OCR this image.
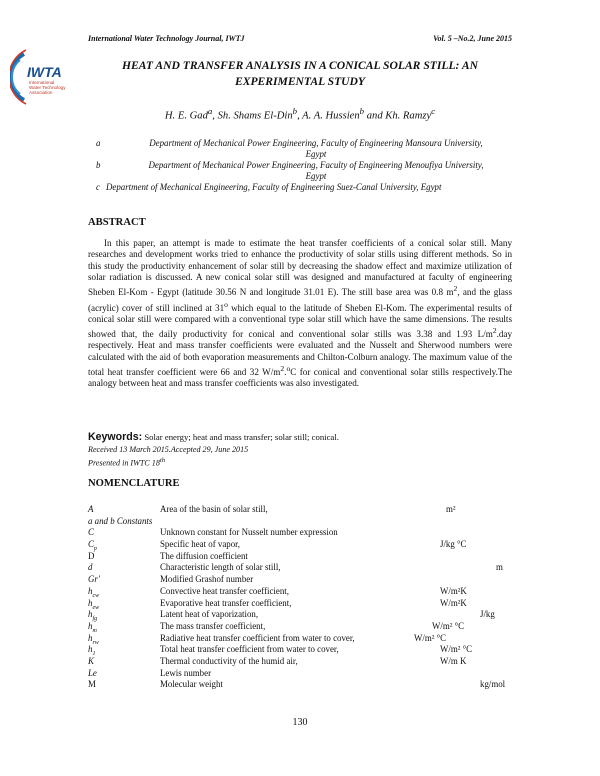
International Water Technology Journal, IWTJ	Vol. 5 –No.2, June 2015
IWTA
International
Water Technology
Association
HEAT AND TRANSFER ANALYSIS IN A CONICAL SOLAR STILL: AN
EXPERIMENTAL STUDY
H. E. Gad$^a$, Sh. Shams El-Din$^b$, A. A. Hussien$^b$ and Kh. Ramzy$^c$
a	Department of Mechanical Power Engineering, Faculty of Engineering Mansoura University,
Egypt
b	Department of Mechanical Power Engineering, Faculty of Engineering Menoufiya University,
Egypt
c Department of Mechanical Engineering, Faculty of Engineering Suez-Canal University, Egypt
ABSTRACT
In this paper, an attempt is made to estimate the heat transfer coefficients of a conical solar still. Many researches and development works tried to enhance the productivity of solar stills using different methods. So in this study the productivity enhancement of solar still by decreasing the shadow effect and maximize utilization of solar radiation is discussed. A new conical solar still was designed and manufactured at faculty of engineering Sheben El-Kom - Egypt (latitude 30.56 N and longitude 31.01 E). The still base area was 0.8 $m^2$, and the glass (acrylic) cover of still inclined at 31$^o$ which equal to the latitude of Sheben El-Kom. The experimental results of conical solar still were compared with a conventional type solar still which have the same dimensions. The results showed that, the daily productivity for conical and conventional solar stills was 3.38 and 1.93 $L/m^2.day$ respectively. Heat and mass transfer coefficients were evaluated and the Nusselt and Sherwood numbers were calculated with the aid of both evaporation measurements and Chilton-Colburn analogy. The maximum value of the total heat transfer coefficient were 66 and 32 $W/m^2.^oC$ for conical and conventional solar stills respectively.The analogy between heat and mass transfer coefficients was also investigated.
Keywords: Solar energy; heat and mass transfer; solar still; conical.
Received 13 March 2015.Accepted 29, June 2015
Presented in IWTC 18th
NOMENCLATURE
A	Area of the basin of solar still,	m²
a and b Constants
C	Unknown constant for Nusselt number expression
$C_p$	Specific heat of vapor,	J/kg °C
D	The diffusion coefficient
d	Characteristic length of solar still,	m
Gr'	Modified Grashof number
$h_{cw}$	Convective heat transfer coefficient,	W/m²K
$h_{ew}$	Evaporative heat transfer coefficient,	W/m²K
$h_{fg}$	Latent heat of vaporization,	J/kg
$h_m$	The mass transfer coefficient,	W/m² °C
$h_{rw}$	Radiative heat transfer coefficient from water to cover,	W/m² °C
$h_1$	Total heat transfer coefficient from water to cover,	W/m² °C
K	Thermal conductivity of the humid air,	W/m K
Le	Lewis number
M	Molecular weight	kg/mol
130
